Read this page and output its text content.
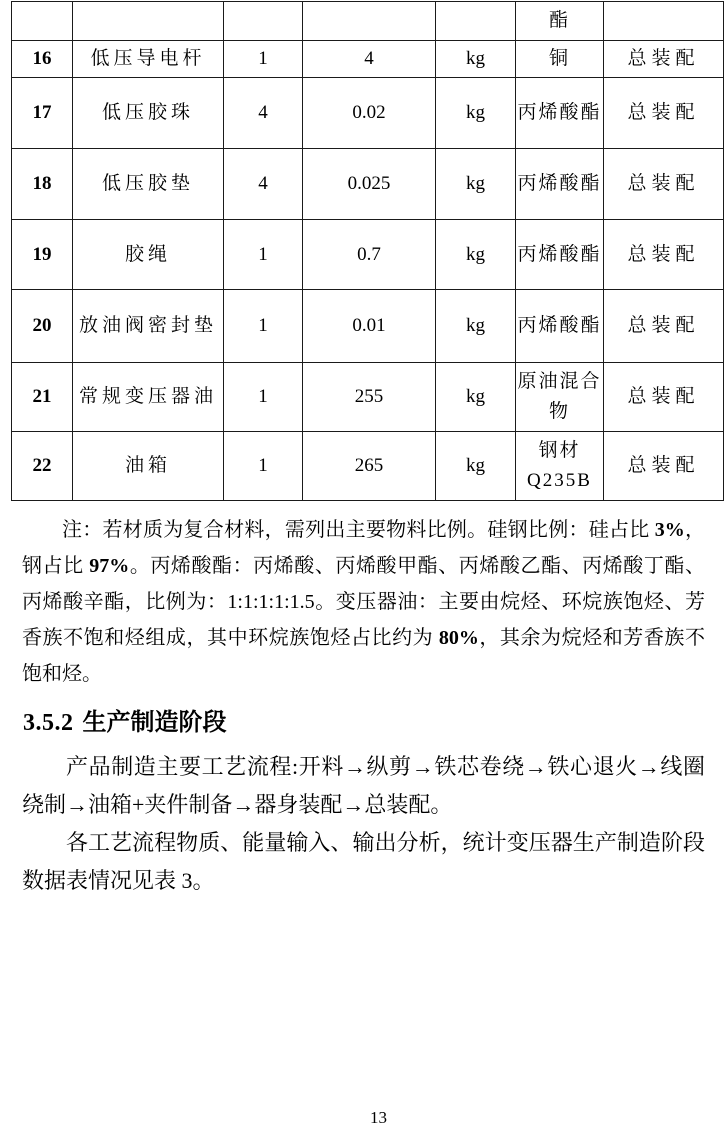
					酯	
16	低压导电杆	1	4	kg	铜	总装配
17	低压胶珠	4	0.02	kg	丙烯酸酯	总装配
18	低压胶垫	4	0.025	kg	丙烯酸酯	总装配
19	胶绳	1	0.7	kg	丙烯酸酯	总装配
20	放油阀密封垫	1	0.01	kg	丙烯酸酯	总装配
21	常规变压器油	1	255	kg	原油混合物	总装配
22	油箱	1	265	kg	钢材 Q235B	总装配

注：若材质为复合材料，需列出主要物料比例。硅钢比例：硅占比 3%，钢占比 97%。丙烯酸酯：丙烯酸、丙烯酸甲酯、丙烯酸乙酯、丙烯酸丁酯、丙烯酸辛酯，比例为：1:1:1:1:1.5。变压器油：主要由烷烃、环烷族饱烃、芳香族不饱和烃组成，其中环烷族饱烃占比约为 80%，其余为烷烃和芳香族不饱和烃。

3.5.2 生产制造阶段

产品制造主要工艺流程:开料→纵剪→铁芯卷绕→铁心退火→线圈绕制→油箱+夹件制备→器身装配→总装配。

各工艺流程物质、能量输入、输出分析，统计变压器生产制造阶段数据表情况见表 3。

13
